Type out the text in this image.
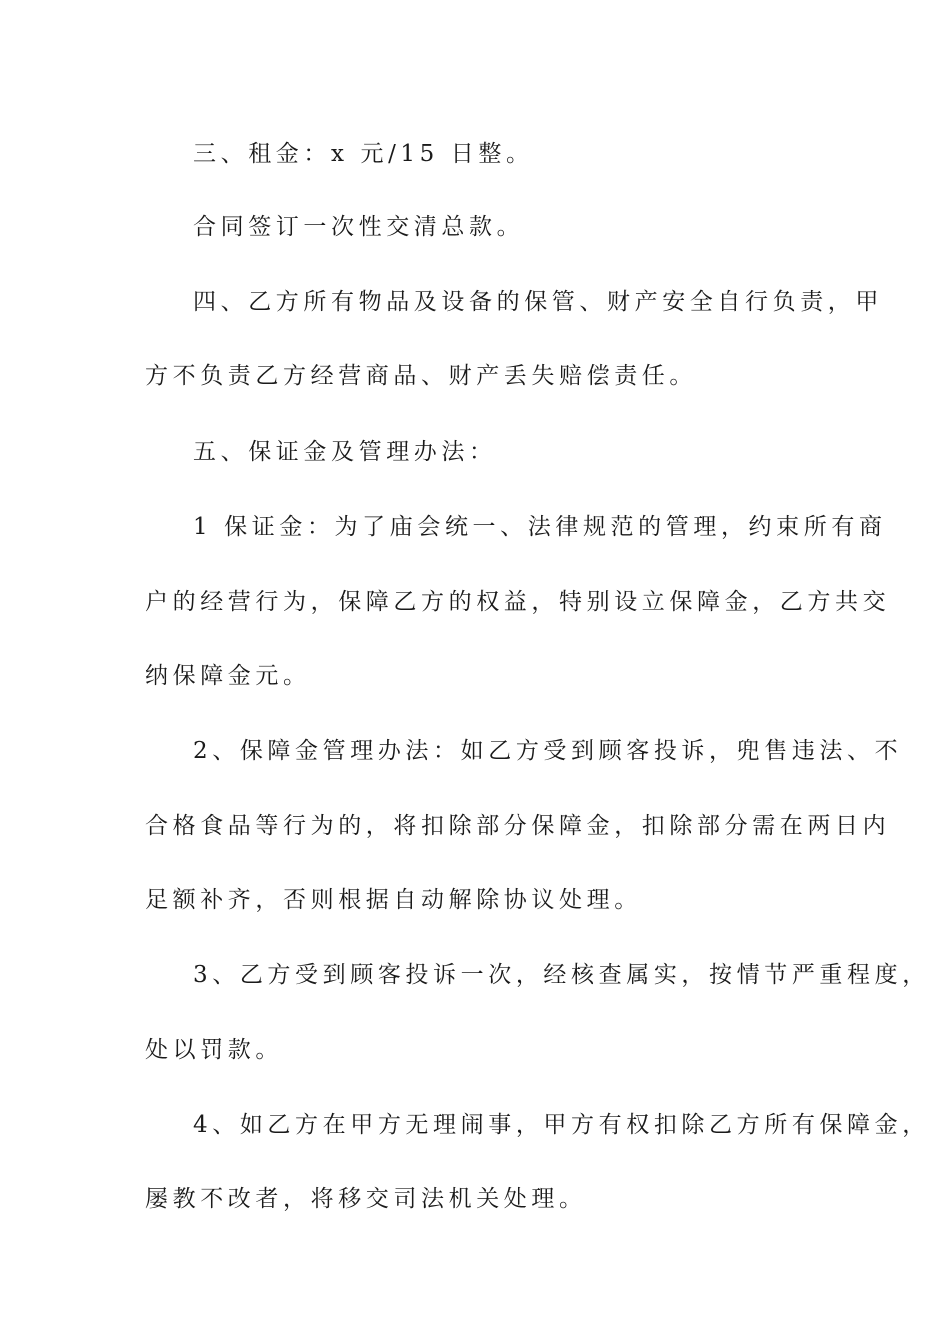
三、租金：x 元/15 日整。
合同签订一次性交清总款。
四、乙方所有物品及设备的保管、财产安全自行负责，甲
方不负责乙方经营商品、财产丢失赔偿责任。
五、保证金及管理办法：
1 保证金：为了庙会统一、法律规范的管理，约束所有商
户的经营行为，保障乙方的权益，特别设立保障金，乙方共交
纳保障金元。
2、保障金管理办法：如乙方受到顾客投诉，兜售违法、不
合格食品等行为的，将扣除部分保障金，扣除部分需在两日内
足额补齐，否则根据自动解除协议处理。
3、乙方受到顾客投诉一次，经核查属实，按情节严重程度，
处以罚款。
4、如乙方在甲方无理闹事，甲方有权扣除乙方所有保障金，
屡教不改者，将移交司法机关处理。
